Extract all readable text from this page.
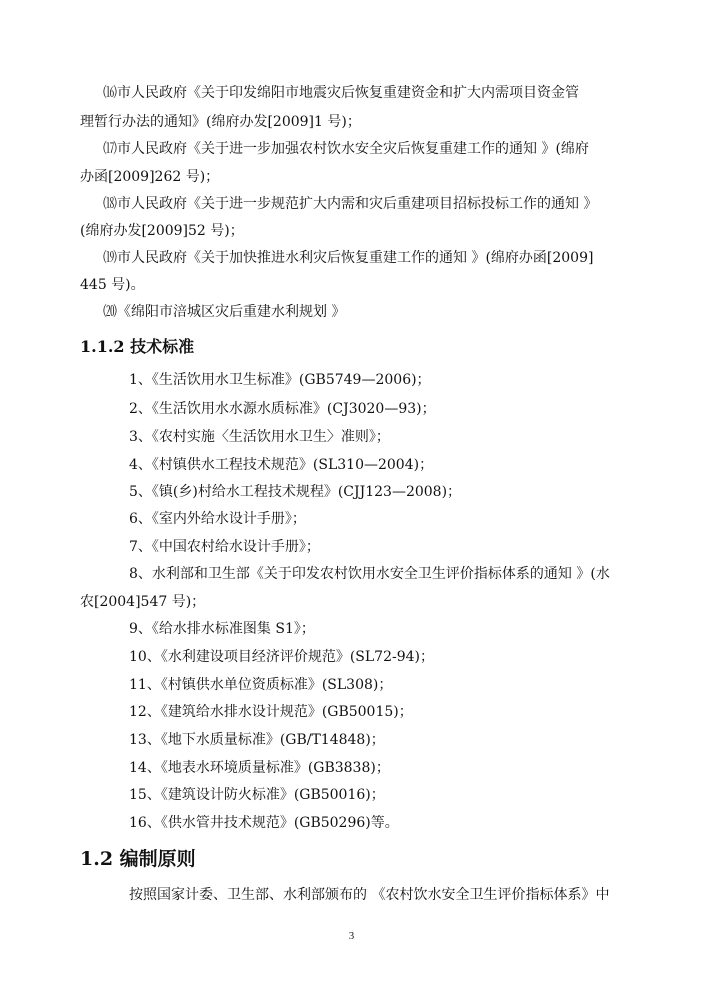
⒃市人民政府《关于印发绵阳市地震灾后恢复重建资金和扩大内需项目资金管
理暂行办法的通知》(绵府办发[2009]1 号)；
⒄市人民政府《关于进一步加强农村饮水安全灾后恢复重建工作的通知 》(绵府
办函[2009]262 号)；
⒅市人民政府《关于进一步规范扩大内需和灾后重建项目招标投标工作的通知 》
(绵府办发[2009]52 号)；
⒆市人民政府《关于加快推进水利灾后恢复重建工作的通知 》(绵府办函[2009]
445 号)。
⒇《绵阳市涪城区灾后重建水利规划 》
1.1.2 技术标准
1、《生活饮用水卫生标准》(GB5749—2006)；
2、《生活饮用水水源水质标准》(CJ3020—93)；
3、《农村实施〈生活饮用水卫生〉准则》；
4、《村镇供水工程技术规范》(SL310—2004)；
5、《镇(乡)村给水工程技术规程》(CJJ123—2008)；
6、《室内外给水设计手册》；
7、《中国农村给水设计手册》；
8、水利部和卫生部《关于印发农村饮用水安全卫生评价指标体系的通知 》(水
农[2004]547 号)；
9、《给水排水标准图集 S1》；
10、《水利建设项目经济评价规范》(SL72-94)；
11、《村镇供水单位资质标准》(SL308)；
12、《建筑给水排水设计规范》(GB50015)；
13、《地下水质量标准》(GB/T14848)；
14、《地表水环境质量标准》(GB3838)；
15、《建筑设计防火标准》(GB50016)；
16、《供水管井技术规范》(GB50296)等。
1.2 编制原则
按照国家计委、卫生部、水利部颁布的 《农村饮水安全卫生评价指标体系》中
3
